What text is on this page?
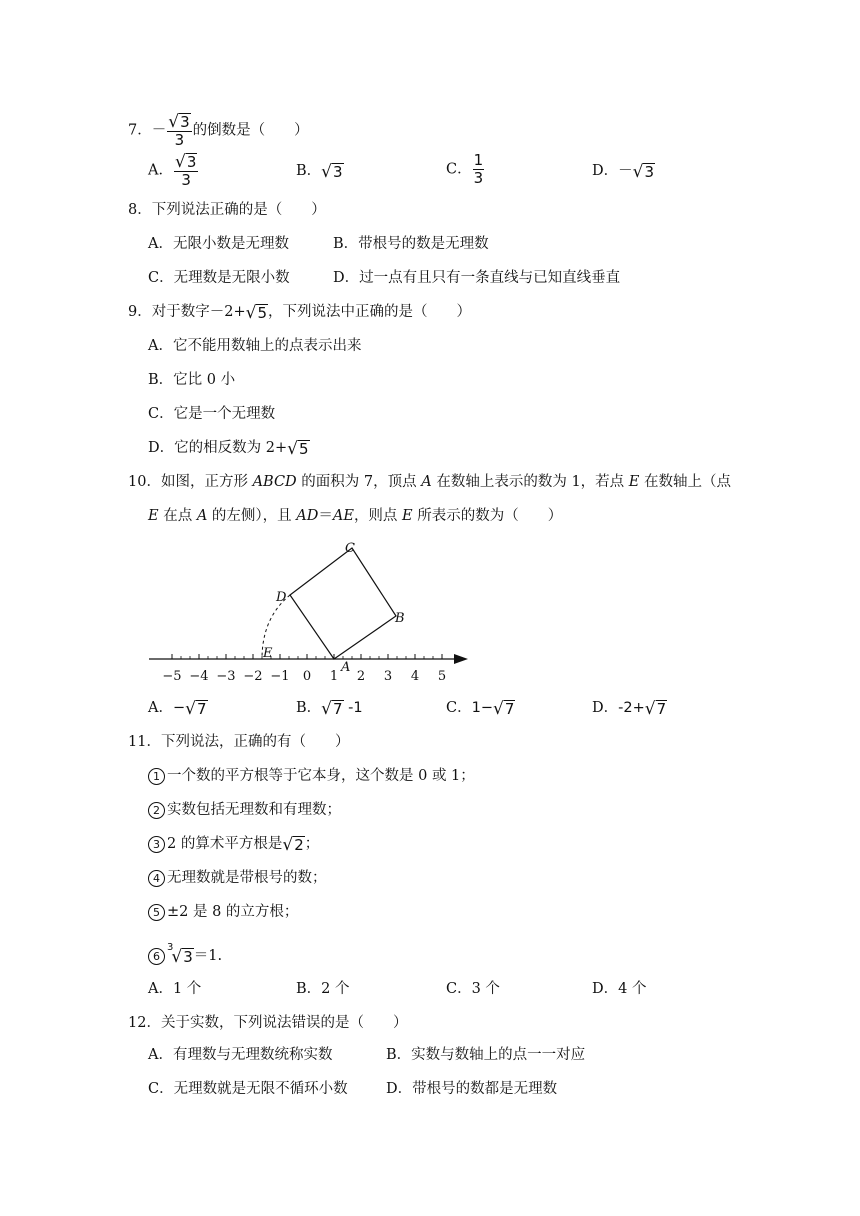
7．－ $\frac{√ 3}{3}$ 的倒数是（　　）
A． $\frac{√ 3}{3}$	B． √ 3	C． $\frac{1}{3}$	D．－ √ 3
8．下列说法正确的是（　　）
A．无限小数是无理数	B．带根号的数是无理数
C．无理数是无限小数	D．过一点有且只有一条直线与已知直线垂直
9．对于数字－2+ √ 5 ，下列说法中正确的是（　　）
A．它不能用数轴上的点表示出来
B．它比 0 小
C．它是一个无理数
D．它的相反数为 2+ √ 5
10．如图，正方形 ABCD 的面积为 7，顶点 A 在数轴上表示的数为 1，若点 E 在数轴上（点
E 在点 A 的左侧），且 AD＝AE，则点 E 所表示的数为（　　）
−5 −4 −3 −2 −1 0 1 2 3 4 5
C
D
B
E
A
A．− √ 7	B． √ 7 -1	C．1− √ 7	D．-2+ √ 7
11．下列说法，正确的有（　　）
1 一个数的平方根等于它本身，这个数是 0 或 1；
2 实数包括无理数和有理数；
3 2 的算术平方根是 √ 2 ；
4 无理数就是带根号的数；
5 ±2 是 8 的立方根；
$6^3$
√ 3 ＝1.
A．1 个	B．2 个	C．3 个	D．4 个
12．关于实数，下列说法错误的是（　　）
A．有理数与无理数统称实数	B．实数与数轴上的点一一对应
C．无理数就是无限不循环小数	D．带根号的数都是无理数
